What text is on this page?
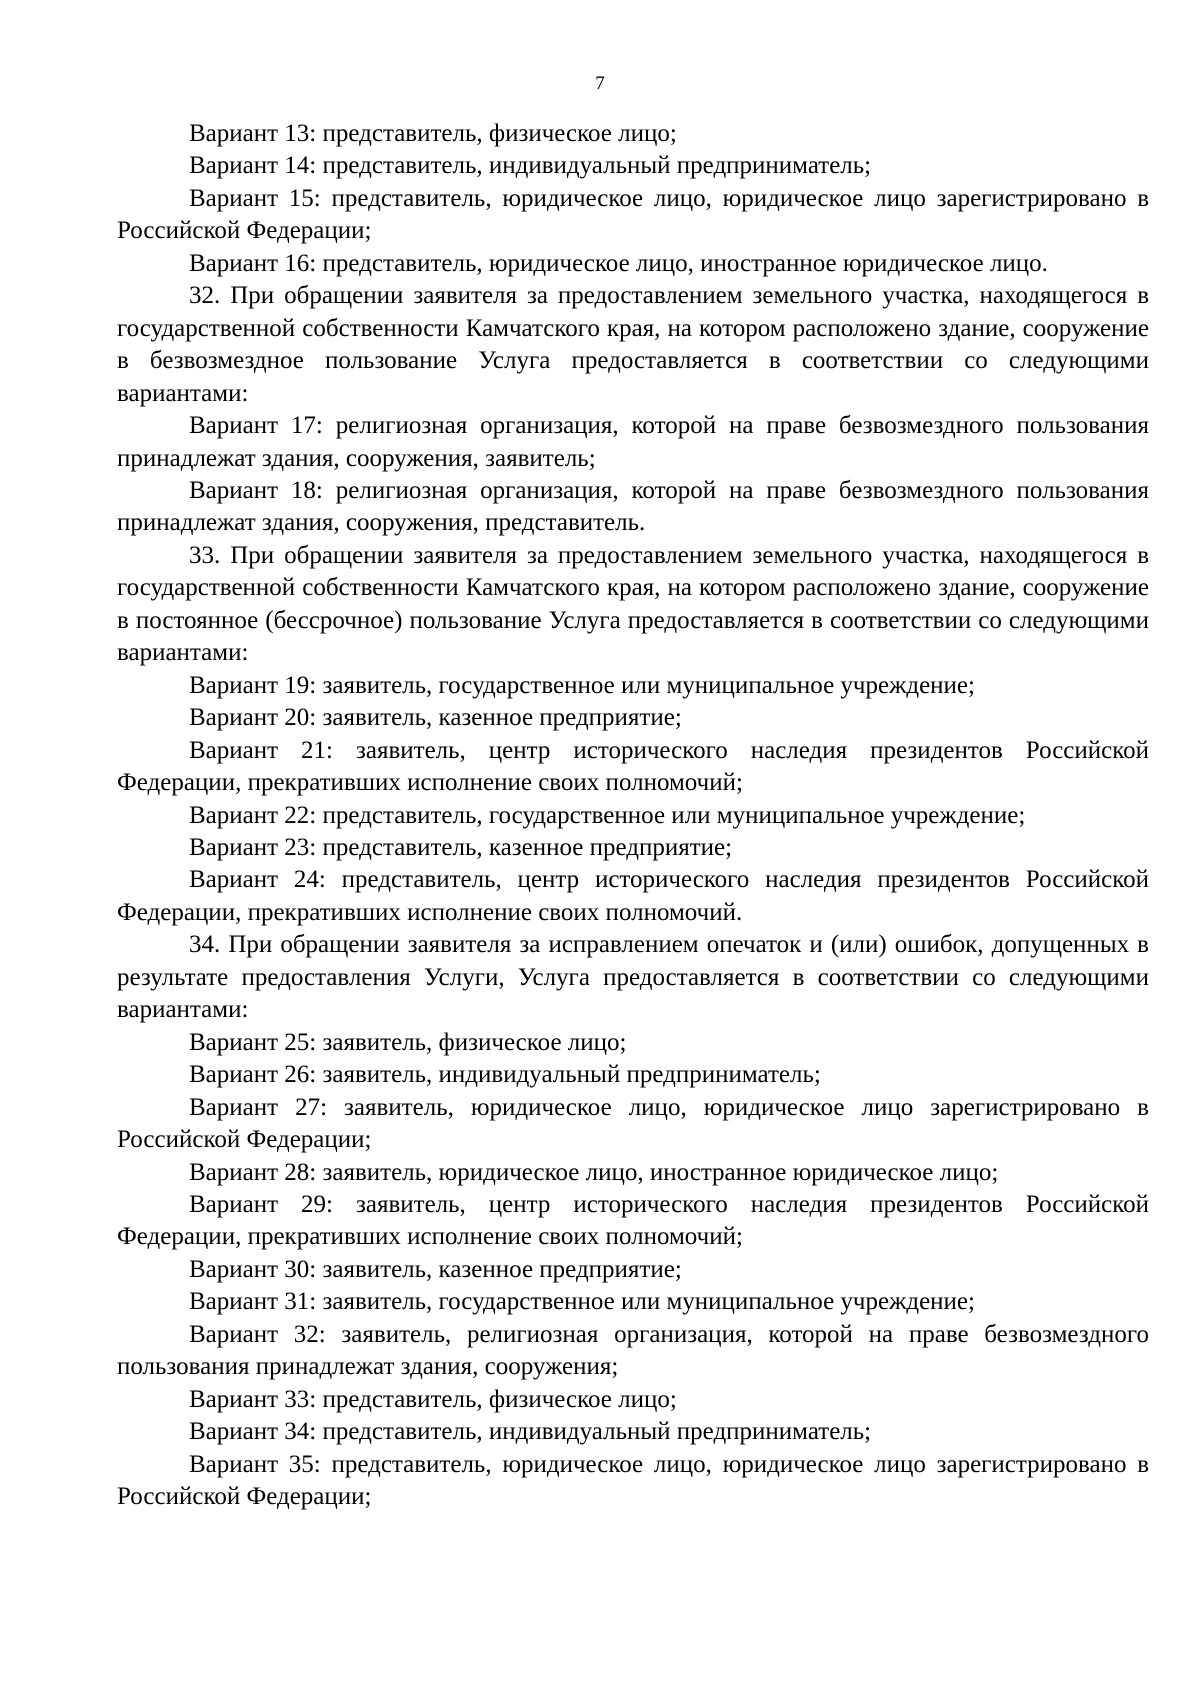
7

Вариант 13: представитель, физическое лицо;

Вариант 14: представитель, индивидуальный предприниматель;

Вариант 15: представитель, юридическое лицо, юридическое лицо зарегистрировано в Российской Федерации;

Вариант 16: представитель, юридическое лицо, иностранное юридическое лицо.

32. При обращении заявителя за предоставлением земельного участка, находящегося в государственной собственности Камчатского края, на котором расположено здание, сооружение в безвозмездное пользование Услуга предоставляется в соответствии со следующими вариантами:

Вариант 17: религиозная организация, которой на праве безвозмездного пользования принадлежат здания, сооружения, заявитель;

Вариант 18: религиозная организация, которой на праве безвозмездного пользования принадлежат здания, сооружения, представитель.

33. При обращении заявителя за предоставлением земельного участка, находящегося в государственной собственности Камчатского края, на котором расположено здание, сооружение в постоянное (бессрочное) пользование Услуга предоставляется в соответствии со следующими вариантами:

Вариант 19: заявитель, государственное или муниципальное учреждение;

Вариант 20: заявитель, казенное предприятие;

Вариант 21: заявитель, центр исторического наследия президентов Российской Федерации, прекративших исполнение своих полномочий;

Вариант 22: представитель, государственное или муниципальное учреждение;

Вариант 23: представитель, казенное предприятие;

Вариант 24: представитель, центр исторического наследия президентов Российской Федерации, прекративших исполнение своих полномочий.

34. При обращении заявителя за исправлением опечаток и (или) ошибок, допущенных в результате предоставления Услуги, Услуга предоставляется в соответствии со следующими вариантами:

Вариант 25: заявитель, физическое лицо;

Вариант 26: заявитель, индивидуальный предприниматель;

Вариант 27: заявитель, юридическое лицо, юридическое лицо зарегистрировано в Российской Федерации;

Вариант 28: заявитель, юридическое лицо, иностранное юридическое лицо;

Вариант 29: заявитель, центр исторического наследия президентов Российской Федерации, прекративших исполнение своих полномочий;

Вариант 30: заявитель, казенное предприятие;

Вариант 31: заявитель, государственное или муниципальное учреждение;

Вариант 32: заявитель, религиозная организация, которой на праве безвозмездного пользования принадлежат здания, сооружения;

Вариант 33: представитель, физическое лицо;

Вариант 34: представитель, индивидуальный предприниматель;

Вариант 35: представитель, юридическое лицо, юридическое лицо зарегистрировано в Российской Федерации;
